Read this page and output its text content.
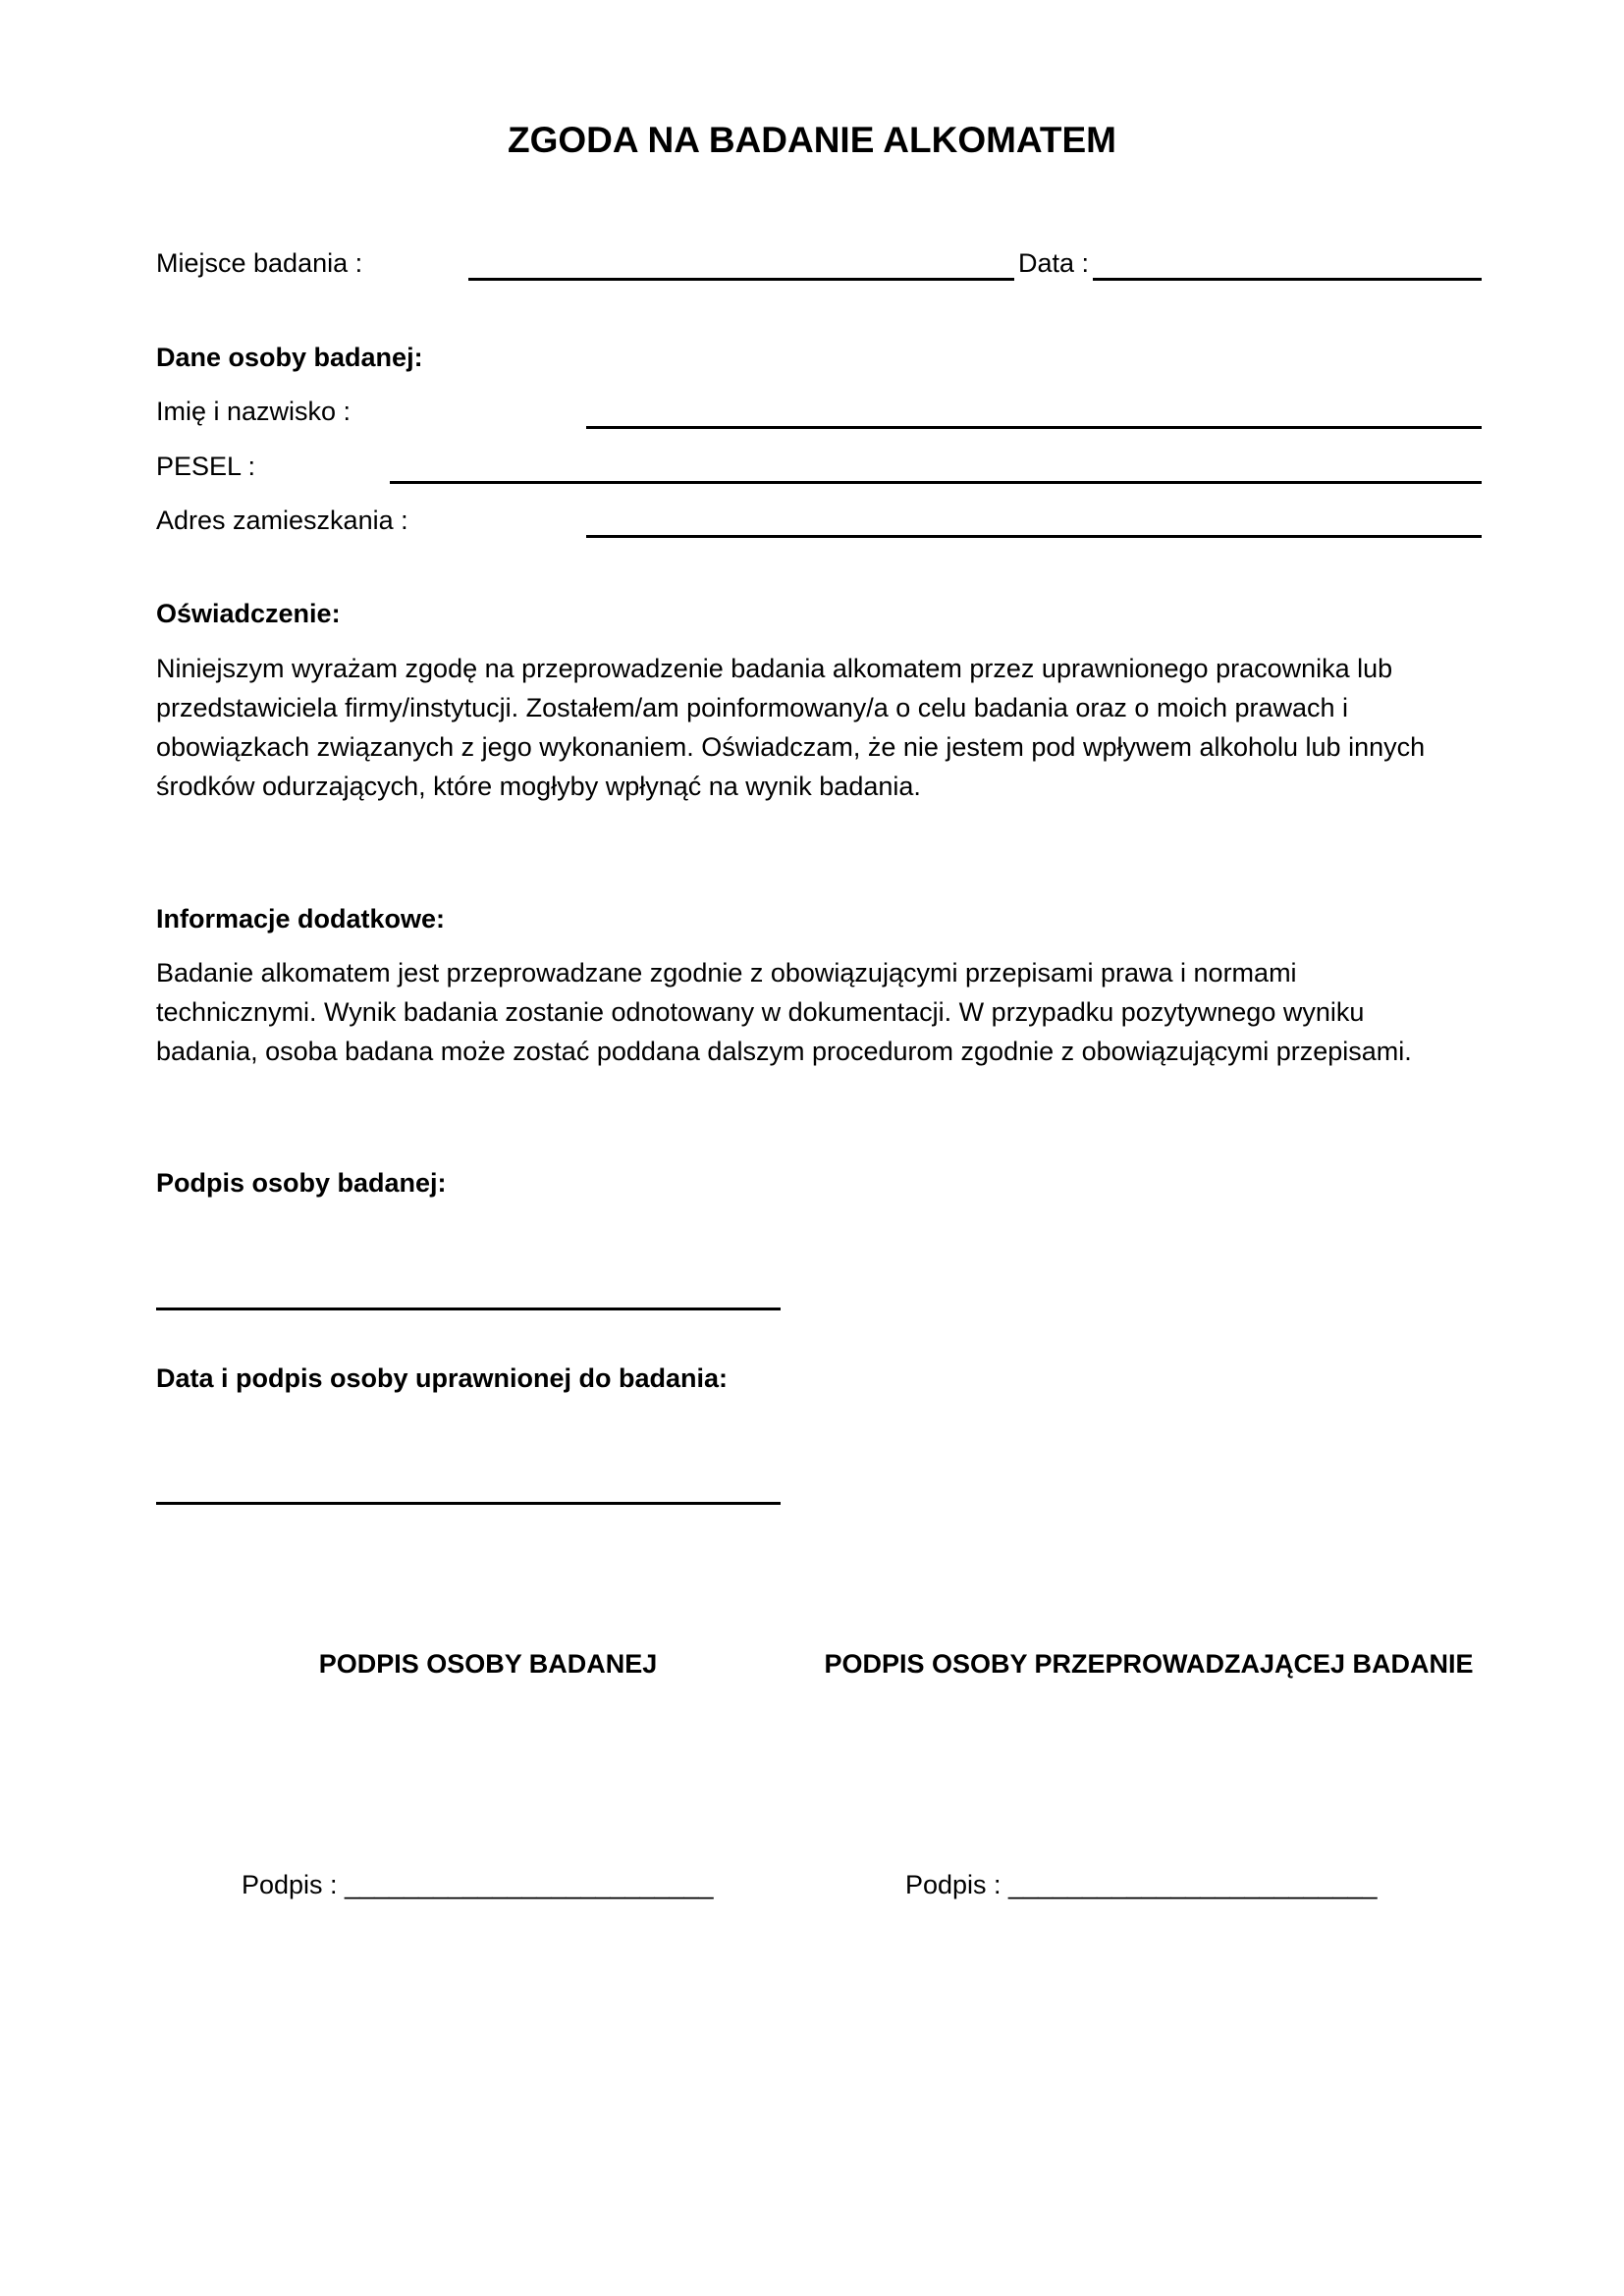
ZGODA NA BADANIE ALKOMATEM
Miejsce badania :	Data :
Dane osoby badanej:
Imię i nazwisko :
PESEL :
Adres zamieszkania :
Oświadczenie:
Niniejszym wyrażam zgodę na przeprowadzenie badania alkomatem przez uprawnionego pracownika lub
przedstawiciela firmy/instytucji. Zostałem/am poinformowany/a o celu badania oraz o moich prawach i
obowiązkach związanych z jego wykonaniem. Oświadczam, że nie jestem pod wpływem alkoholu lub innych
środków odurzających, które mogłyby wpłynąć na wynik badania.
Informacje dodatkowe:
Badanie alkomatem jest przeprowadzane zgodnie z obowiązującymi przepisami prawa i normami
technicznymi. Wynik badania zostanie odnotowany w dokumentacji. W przypadku pozytywnego wyniku
badania, osoba badana może zostać poddana dalszym procedurom zgodnie z obowiązującymi przepisami.
Podpis osoby badanej:
Data i podpis osoby uprawnionej do badania:
PODPIS OSOBY BADANEJ	PODPIS OSOBY PRZEPROWADZAJĄCEJ BADANIE
Podpis : _________________________	Podpis : _________________________
